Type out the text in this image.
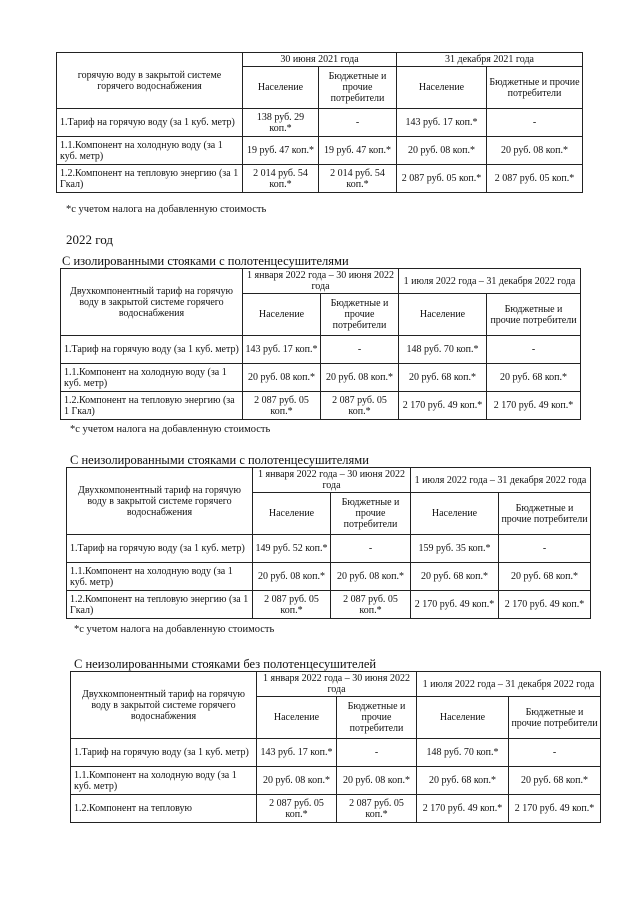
горячую воду в закрытой системе горячего водоснабжения	30 июня 2021 года		31 декабря 2021 года	
	Население	Бюджетные и прочие потребители	Население	Бюджетные и прочие потребители
1.Тариф на горячую воду (за 1 куб. метр)	138 руб. 29 коп.*	-	143 руб. 17 коп.*	-
1.1.Компонент на холодную воду (за 1 куб. метр)	19 руб. 47 коп.*	19 руб. 47 коп.*	20 руб. 08 коп.*	20 руб. 08 коп.*
1.2.Компонент на тепловую энергию (за 1 Гкал)	2 014 руб. 54 коп.*	2 014 руб. 54 коп.*	2 087 руб. 05 коп.*	2 087 руб. 05 коп.*
*с учетом налога на добавленную стоимость
2022 год
С изолированными стояками с полотенцесушителями
Двухкомпонентный тариф на горячую воду в закрытой системе горячего водоснабжения	1 января 2022 года – 30 июня 2022 года		1 июля 2022 года – 31 декабря 2022 года	
	Население	Бюджетные и прочие потребители	Население	Бюджетные и прочие потребители
1.Тариф на горячую воду (за 1 куб. метр)	143 руб. 17 коп.*	-	148 руб. 70 коп.*	-
1.1.Компонент на холодную воду (за 1 куб. метр)	20 руб. 08 коп.*	20 руб. 08 коп.*	20 руб. 68 коп.*	20 руб. 68 коп.*
1.2.Компонент на тепловую энергию (за 1 Гкал)	2 087 руб. 05 коп.*	2 087 руб. 05 коп.*	2 170 руб. 49 коп.*	2 170 руб. 49 коп.*
*с учетом налога на добавленную стоимость
С неизолированными стояками с полотенцесушителями
Двухкомпонентный тариф на горячую воду в закрытой системе горячего водоснабжения	1 января 2022 года – 30 июня 2022 года		1 июля 2022 года – 31 декабря 2022 года	
	Население	Бюджетные и прочие потребители	Население	Бюджетные и прочие потребители
1.Тариф на горячую воду (за 1 куб. метр)	149 руб. 52 коп.*	-	159 руб. 35 коп.*	-
1.1.Компонент на холодную воду (за 1 куб. метр)	20 руб. 08 коп.*	20 руб. 08 коп.*	20 руб. 68 коп.*	20 руб. 68 коп.*
1.2.Компонент на тепловую энергию (за 1 Гкал)	2 087 руб. 05 коп.*	2 087 руб. 05 коп.*	2 170 руб. 49 коп.*	2 170 руб. 49 коп.*
*с учетом налога на добавленную стоимость
С неизолированными стояками без полотенцесушителей
Двухкомпонентный тариф на горячую воду в закрытой системе горячего водоснабжения	1 января 2022 года – 30 июня 2022 года		1 июля 2022 года – 31 декабря 2022 года	
	Население	Бюджетные и прочие потребители	Население	Бюджетные и прочие потребители
1.Тариф на горячую воду (за 1 куб. метр)	143 руб. 17 коп.*	-	148 руб. 70 коп.*	-
1.1.Компонент на холодную воду (за 1 куб. метр)	20 руб. 08 коп.*	20 руб. 08 коп.*	20 руб. 68 коп.*	20 руб. 68 коп.*
1.2.Компонент на тепловую	2 087 руб. 05 коп.*	2 087 руб. 05 коп.*	2 170 руб. 49 коп.*	2 170 руб. 49 коп.*
